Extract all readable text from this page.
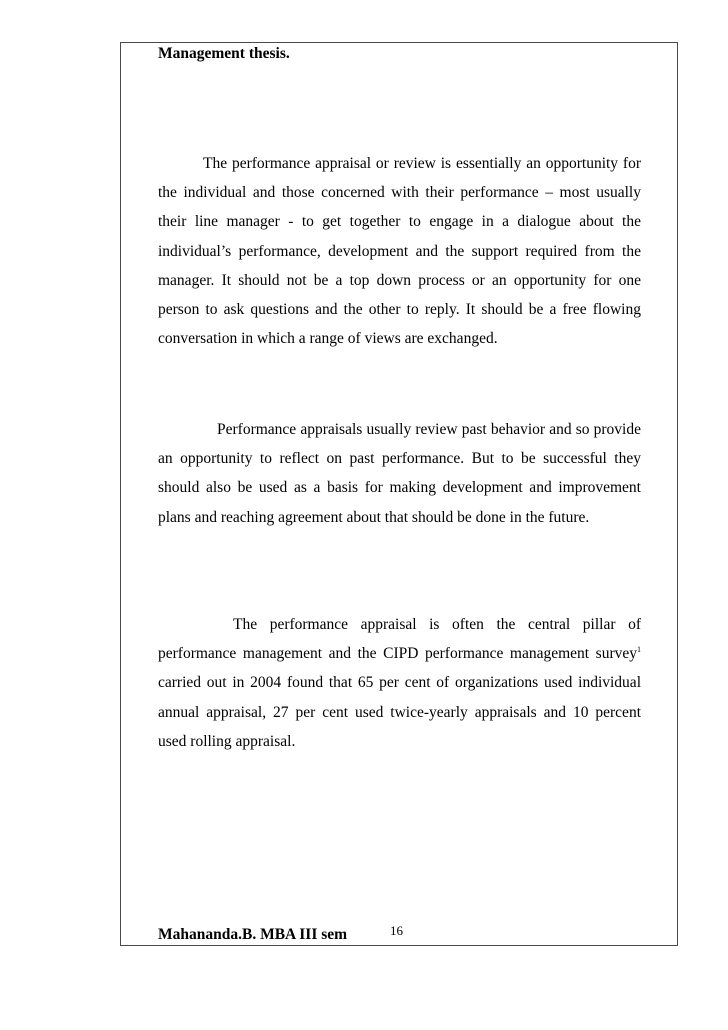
Management thesis.

The performance appraisal or review is essentially an opportunity for the individual and those concerned with their performance – most usually their line manager - to get together to engage in a dialogue about the individual’s performance, development and the support required from the manager. It should not be a top down process or an opportunity for one person to ask questions and the other to reply. It should be a free flowing conversation in which a range of views are exchanged.

Performance appraisals usually review past behavior and so provide an opportunity to reflect on past performance. But to be successful they should also be used as a basis for making development and improvement plans and reaching agreement about that should be done in the future.

The performance appraisal is often the central pillar of performance management and the CIPD performance management survey$^1$ carried out in 2004 found that 65 per cent of organizations used individual annual appraisal, 27 per cent used twice-yearly appraisals and 10 percent used rolling appraisal.

Mahananda.B. MBA III sem	16
